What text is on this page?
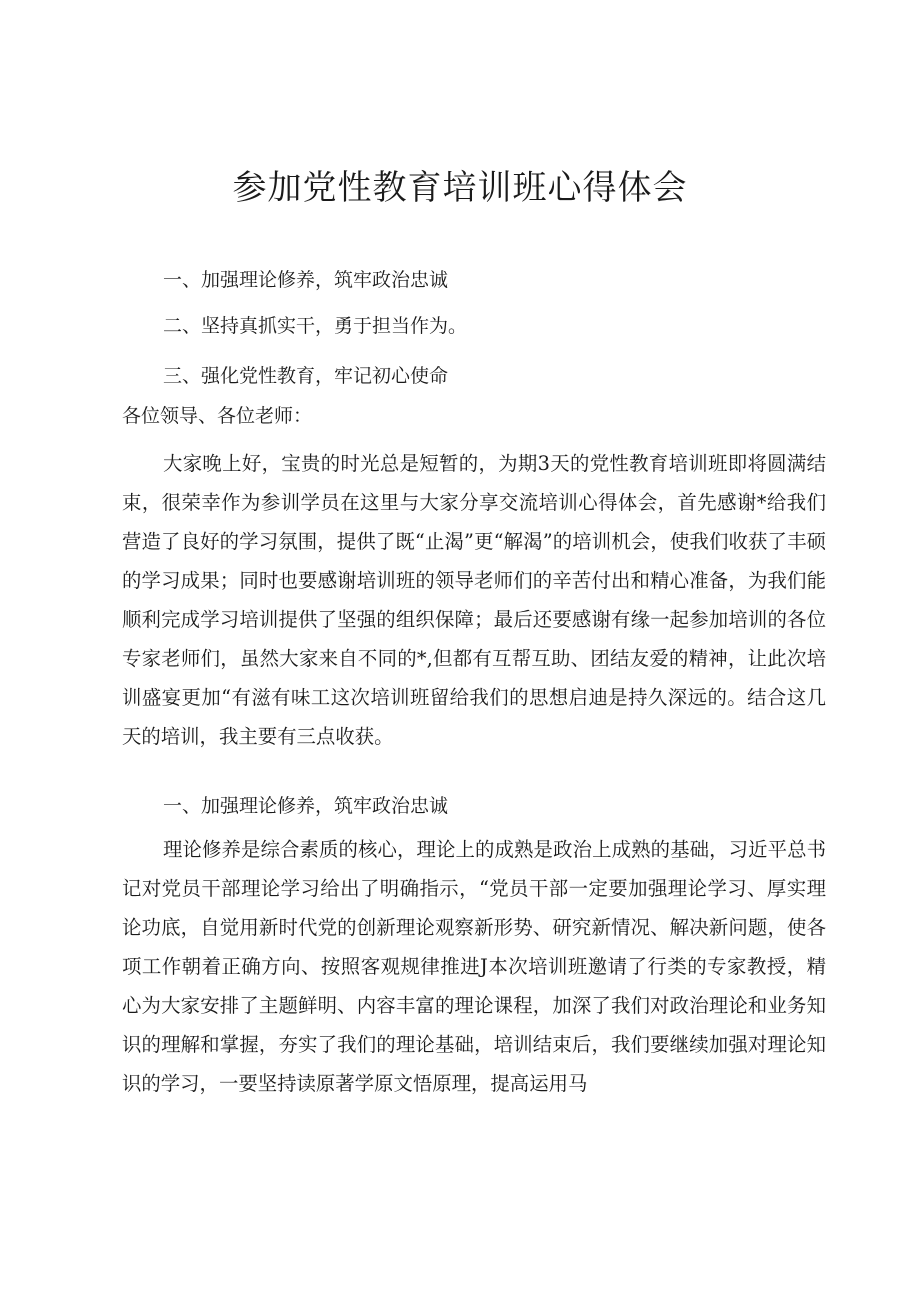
参加党性教育培训班心得体会

一、加强理论修养，筑牢政治忠诚

二、坚持真抓实干，勇于担当作为。

三、强化党性教育，牢记初心使命

各位领导、各位老师：

大家晚上好，宝贵的时光总是短暂的，为期3天的党性教育培训班即将圆满结束，很荣幸作为参训学员在这里与大家分享交流培训心得体会，首先感谢*给我们营造了良好的学习氛围，提供了既“止渴”更“解渴”的培训机会，使我们收获了丰硕的学习成果；同时也要感谢培训班的领导老师们的辛苦付出和精心准备，为我们能顺利完成学习培训提供了坚强的组织保障；最后还要感谢有缘一起参加培训的各位专家老师们，虽然大家来自不同的*,但都有互帮互助、团结友爱的精神，让此次培训盛宴更加“有滋有味工这次培训班留给我们的思想启迪是持久深远的。结合这几天的培训，我主要有三点收获。

一、加强理论修养，筑牢政治忠诚

理论修养是综合素质的核心，理论上的成熟是政治上成熟的基础，习近平总书记对党员干部理论学习给出了明确指示，“党员干部一定要加强理论学习、厚实理论功底，自觉用新时代党的创新理论观察新形势、研究新情况、解决新问题，使各项工作朝着正确方向、按照客观规律推进J本次培训班邀请了行类的专家教授，精心为大家安排了主题鲜明、内容丰富的理论课程，加深了我们对政治理论和业务知识的理解和掌握，夯实了我们的理论基础，培训结束后，我们要继续加强对理论知识的学习，一要坚持读原著学原文悟原理，提高运用马
